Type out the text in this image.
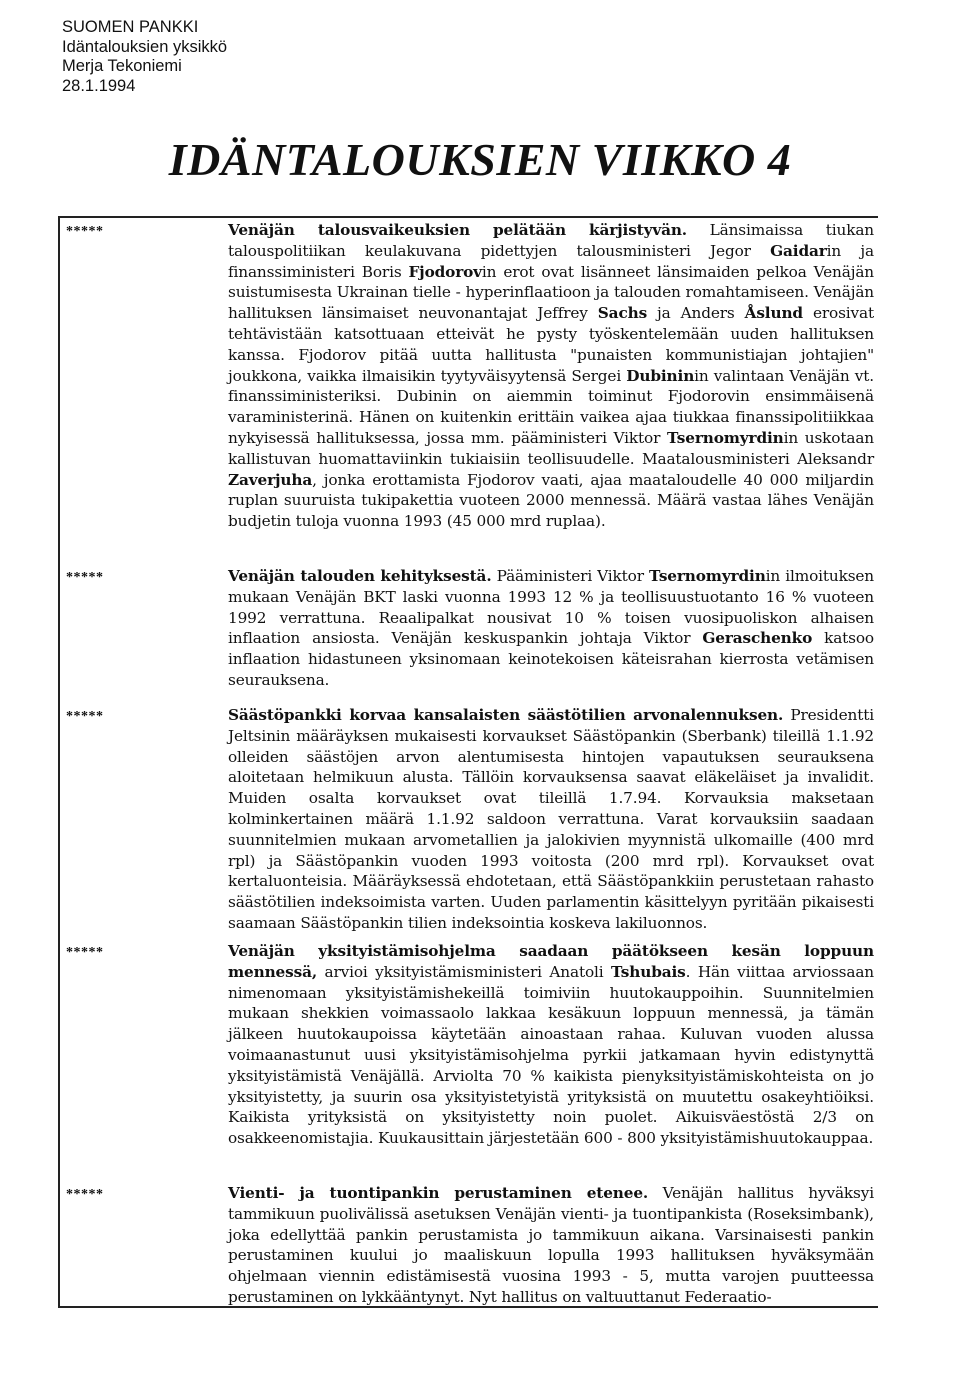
SUOMEN PANKKI
Idäntalouksien yksikkö
Merja Tekoniemi
28.1.1994
IDÄNTALOUKSIEN VIIKKO 4
*****	Venäjän talousvaikeuksien pelätään kärjistyvän. Länsimaissa tiukan talouspolitiikan keulakuvana pidettyjen talousministeri Jegor Gaidarin ja finanssiministeri Boris Fjodorovin erot ovat lisänneet länsimaiden pelkoa Venäjän suistumisesta Ukrainan tielle - hyperinflaatioon ja talouden romahtamiseen. Venäjän hallituksen länsimaiset neuvonantajat Jeffrey Sachs ja Anders Åslund erosivat tehtävistään katsottuaan etteivät he pysty työskentelemään uuden hallituksen kanssa. Fjodorov pitää uutta hallitusta "punaisten kommunistiajan johtajien" joukkona, vaikka ilmaisikin tyytyväisyytensä Sergei Dubininin valintaan Venäjän vt. finanssiministeriksi. Dubinin on aiemmin toiminut Fjodorovin ensimmäisenä varaministerinä. Hänen on kuitenkin erittäin vaikea ajaa tiukkaa finanssipolitiikkaa nykyisessä hallituksessa, jossa mm. pääministeri Viktor Tsernomyrdinin uskotaan kallistuvan huomattaviinkin tukiaisiin teollisuudelle. Maatalousministeri Aleksandr Zaverjuha, jonka erottamista Fjodorov vaati, ajaa maataloudelle 40 000 miljardin ruplan suuruista tukipakettia vuoteen 2000 mennessä. Määrä vastaa lähes Venäjän budjetin tuloja vuonna 1993 (45 000 mrd ruplaa).

*****	Venäjän talouden kehityksestä. Pääministeri Viktor Tsernomyrdinin ilmoituksen mukaan Venäjän BKT laski vuonna 1993 12 % ja teollisuustuotanto 16 % vuoteen 1992 verrattuna. Reaalipalkat nousivat 10 % toisen vuosipuoliskon alhaisen inflaation ansiosta. Venäjän keskuspankin johtaja Viktor Geraschenko katsoo inflaation hidastuneen yksinomaan keinotekoisen käteisrahan kierrosta vetämisen seurauksena.

*****	Säästöpankki korvaa kansalaisten säästötilien arvonalennuksen. Presidentti Jeltsinin määräyksen mukaisesti korvaukset Säästöpankin (Sberbank) tileillä 1.1.92 olleiden säästöjen arvon alentumisesta hintojen vapautuksen seurauksena aloitetaan helmikuun alusta. Tällöin korvauksensa saavat eläkeläiset ja invalidit. Muiden osalta korvaukset ovat tileillä 1.7.94. Korvauksia maksetaan kolminkertainen määrä 1.1.92 saldoon verrattuna. Varat korvauksiin saadaan suunnitelmien mukaan arvometallien ja jalokivien myynnistä ulkomaille (400 mrd rpl) ja Säästöpankin vuoden 1993 voitosta (200 mrd rpl). Korvaukset ovat kertaluonteisia. Määräyksessä ehdotetaan, että Säästöpankkiin perustetaan rahasto säästötilien indeksoimista varten. Uuden parlamentin käsittelyyn pyritään pikaisesti saamaan Säästöpankin tilien indeksointia koskeva lakiluonnos.

*****	Venäjän yksityistämisohjelma saadaan päätökseen kesän loppuun mennessä, arvioi yksityistämisministeri Anatoli Tshubais. Hän viittaa arviossaan nimenomaan yksityistämishekeillä toimiviin huutokauppoihin. Suunnitelmien mukaan shekkien voimassaolo lakkaa kesäkuun loppuun mennessä, ja tämän jälkeen huutokaupoissa käytetään ainoastaan rahaa. Kuluvan vuoden alussa voimaanastunut uusi yksityistämisohjelma pyrkii jatkamaan hyvin edistynyttä yksityistämistä Venäjällä. Arviolta 70 % kaikista pienyksityistämiskohteista on jo yksityistetty, ja suurin osa yksityistetyistä yrityksistä on muutettu osakeyhtiöiksi. Kaikista yrityksistä on yksityistetty noin puolet. Aikuisväestöstä 2/3 on osakkeenomistajia. Kuukausittain järjestetään 600 - 800 yksityistämishuutokauppaa.

*****	Vienti- ja tuontipankin perustaminen etenee. Venäjän hallitus hyväksyi tammikuun puolivälissä asetuksen Venäjän vienti- ja tuontipankista (Roseksimbank), joka edellyttää pankin perustamista jo tammikuun aikana. Varsinaisesti pankin perustaminen kuului jo maaliskuun lopulla 1993 hallituksen hyväksymään ohjelmaan viennin edistämisestä vuosina 1993 - 5, mutta varojen puutteessa perustaminen on lykkääntynyt. Nyt hallitus on valtuuttanut Federaatio-
